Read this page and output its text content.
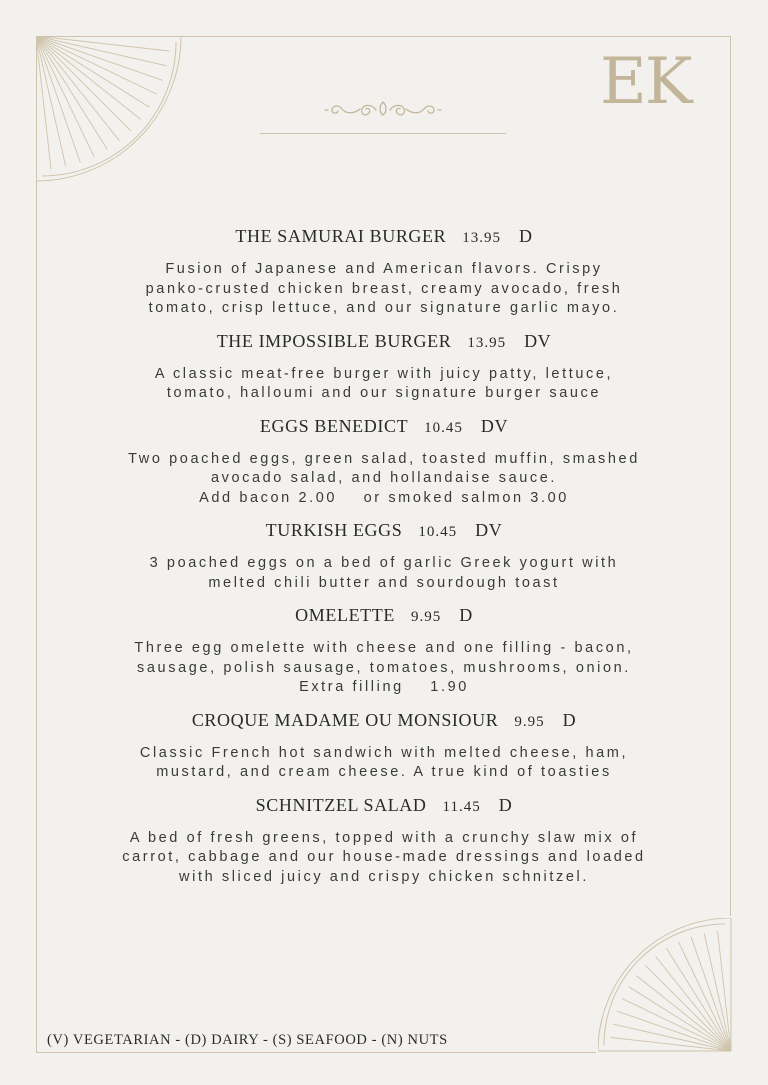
EK
THE SAMURAI BURGER 13.95 D
Fusion of Japanese and American flavors. Crispy
panko-crusted chicken breast, creamy avocado, fresh
tomato, crisp lettuce, and our signature garlic mayo.
THE IMPOSSIBLE BURGER 13.95 DV
A classic meat-free burger with juicy patty, lettuce,
tomato, halloumi and our signature burger sauce
EGGS BENEDICT 10.45 DV
Two poached eggs, green salad, toasted muffin, smashed
avocado salad, and hollandaise sauce.
Add bacon 2.00    or smoked salmon 3.00
TURKISH EGGS 10.45 DV
3 poached eggs on a bed of garlic Greek yogurt with
melted chili butter and sourdough toast
OMELETTE 9.95 D
Three egg omelette with cheese and one filling - bacon,
sausage, polish sausage, tomatoes, mushrooms, onion.
Extra filling    1.90
CROQUE MADAME OU MONSIOUR 9.95 D
Classic French hot sandwich with melted cheese, ham,
mustard, and cream cheese. A true kind of toasties
SCHNITZEL SALAD 11.45 D
A bed of fresh greens, topped with a crunchy slaw mix of
carrot, cabbage and our house-made dressings and loaded
with sliced juicy and crispy chicken schnitzel.
(V) VEGETARIAN - (D) DAIRY - (S) SEAFOOD - (N) NUTS
